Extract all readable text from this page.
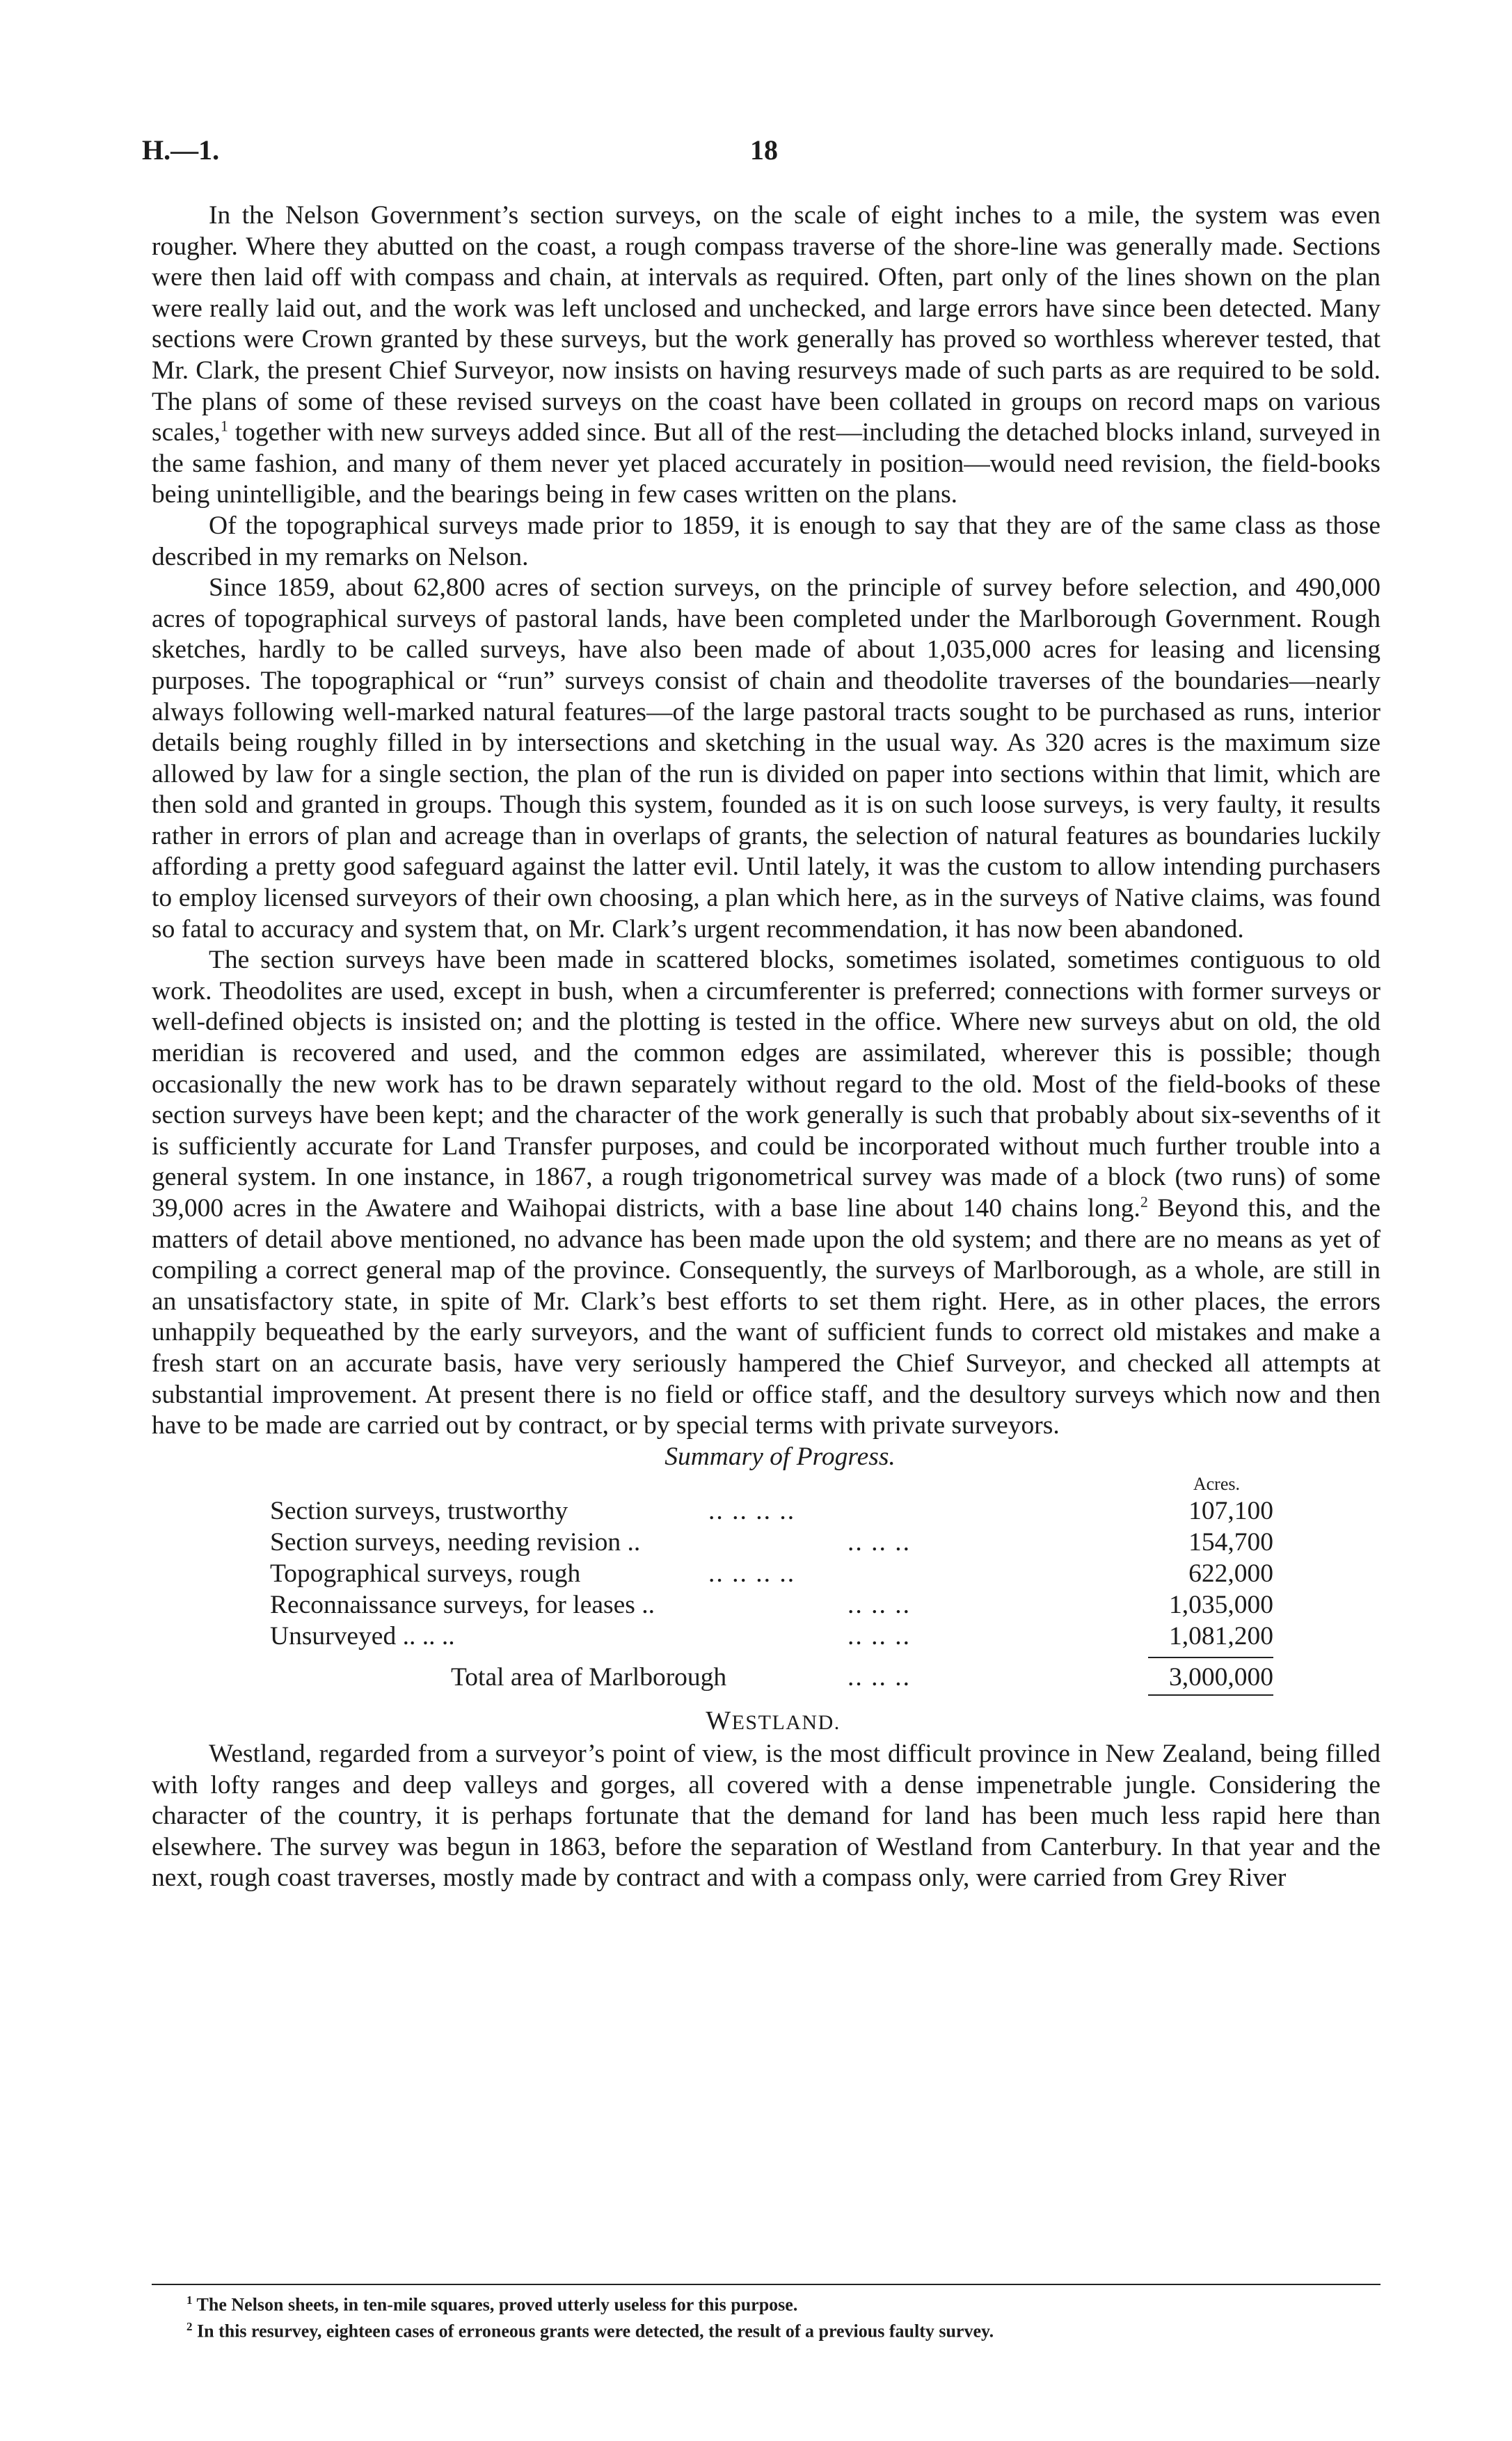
H.—1.	18

In the Nelson Government’s section surveys, on the scale of eight inches to a mile, the system was even rougher. Where they abutted on the coast, a rough compass traverse of the shore-line was generally made. Sections were then laid off with compass and chain, at intervals as required. Often, part only of the lines shown on the plan were really laid out, and the work was left unclosed and unchecked, and large errors have since been detected. Many sections were Crown granted by these surveys, but the work generally has proved so worthless wherever tested, that Mr. Clark, the present Chief Surveyor, now insists on having resurveys made of such parts as are required to be sold. The plans of some of these revised surveys on the coast have been collated in groups on record maps on various scales,$^1$ together with new surveys added since. But all of the rest—including the detached blocks inland, surveyed in the same fashion, and many of them never yet placed accurately in position—would need revision, the field-books being unintelligible, and the bearings being in few cases written on the plans.

Of the topographical surveys made prior to 1859, it is enough to say that they are of the same class as those described in my remarks on Nelson.

Since 1859, about 62,800 acres of section surveys, on the principle of survey before selection, and 490,000 acres of topographical surveys of pastoral lands, have been completed under the Marlborough Government. Rough sketches, hardly to be called surveys, have also been made of about 1,035,000 acres for leasing and licensing purposes. The topographical or “run” surveys consist of chain and theodolite traverses of the boundaries—nearly always following well-marked natural features—of the large pastoral tracts sought to be purchased as runs, interior details being roughly filled in by intersections and sketching in the usual way. As 320 acres is the maximum size allowed by law for a single section, the plan of the run is divided on paper into sections within that limit, which are then sold and granted in groups. Though this system, founded as it is on such loose surveys, is very faulty, it results rather in errors of plan and acreage than in overlaps of grants, the selection of natural features as boundaries luckily affording a pretty good safeguard against the latter evil. Until lately, it was the custom to allow intending purchasers to employ licensed surveyors of their own choosing, a plan which here, as in the surveys of Native claims, was found so fatal to accuracy and system that, on Mr. Clark’s urgent recommendation, it has now been abandoned.

The section surveys have been made in scattered blocks, sometimes isolated, sometimes contiguous to old work. Theodolites are used, except in bush, when a circumferenter is preferred; connections with former surveys or well-defined objects is insisted on; and the plotting is tested in the office. Where new surveys abut on old, the old meridian is recovered and used, and the common edges are assimilated, wherever this is possible; though occasionally the new work has to be drawn separately without regard to the old. Most of the field-books of these section surveys have been kept; and the character of the work generally is such that probably about six-sevenths of it is sufficiently accurate for Land Transfer purposes, and could be incorporated without much further trouble into a general system. In one instance, in 1867, a rough trigonometrical survey was made of a block (two runs) of some 39,000 acres in the Awatere and Waihopai districts, with a base line about 140 chains long.$^2$ Beyond this, and the matters of detail above mentioned, no advance has been made upon the old system; and there are no means as yet of compiling a correct general map of the province. Consequently, the surveys of Marlborough, as a whole, are still in an unsatisfactory state, in spite of Mr. Clark’s best efforts to set them right. Here, as in other places, the errors unhappily bequeathed by the early surveyors, and the want of sufficient funds to correct old mistakes and make a fresh start on an accurate basis, have very seriously hampered the Chief Surveyor, and checked all attempts at substantial improvement. At present there is no field or office staff, and the desultory surveys which now and then have to be made are carried out by contract, or by special terms with private surveyors.

Summary of Progress.

Acres.
Section surveys, trustworthy	.. .. .. ..	107,100
Section surveys, needing revision ..	.. .. ..	154,700
Topographical surveys, rough	.. .. .. ..	622,000
Reconnaissance surveys, for leases ..	.. .. ..	1,035,000
Unsurveyed .. .. ..	.. .. ..	1,081,200
Total area of Marlborough	.. .. ..	3,000,000

WESTLAND.

Westland, regarded from a surveyor’s point of view, is the most difficult province in New Zealand, being filled with lofty ranges and deep valleys and gorges, all covered with a dense impenetrable jungle. Considering the character of the country, it is perhaps fortunate that the demand for land has been much less rapid here than elsewhere. The survey was begun in 1863, before the separation of Westland from Canterbury. In that year and the next, rough coast traverses, mostly made by contract and with a compass only, were carried from Grey River

$^1$ The Nelson sheets, in ten-mile squares, proved utterly useless for this purpose.
$^2$ In this resurvey, eighteen cases of erroneous grants were detected, the result of a previous faulty survey.
